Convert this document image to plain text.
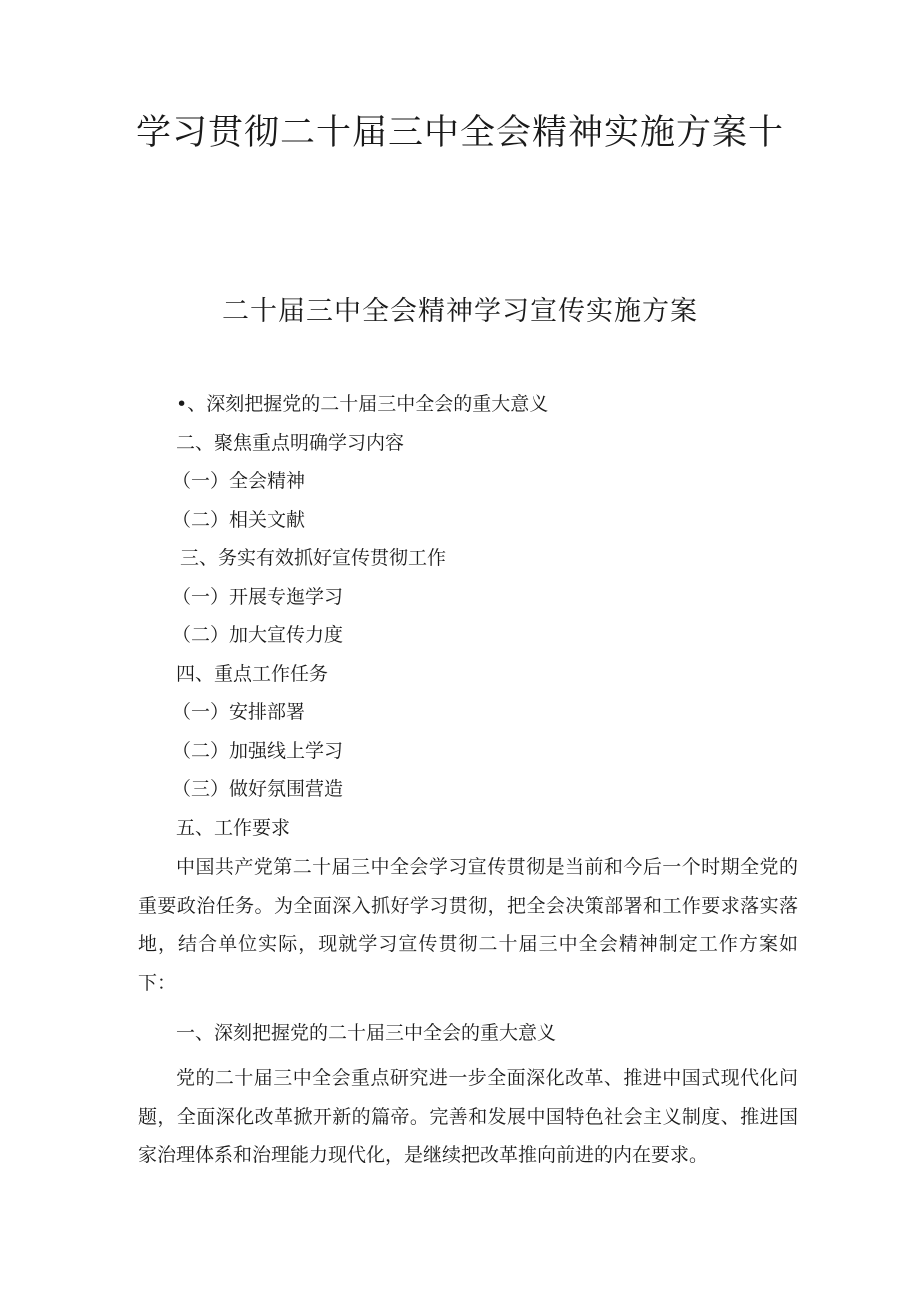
学习贯彻二十届三中全会精神实施方案十
二十届三中全会精神学习宣传实施方案
•、深刻把握党的二十届三中全会的重大意义
二、聚焦重点明确学习内容
（一）全会精神
（二）相关文献
三、务实有效抓好宣传贯彻工作
（一）开展专迤学习
（二）加大宣传力度
四、重点工作任务
（一）安排部署
（二）加强线上学习
（三）做好氛围营造
五、工作要求

中国共产党第二十届三中全会学习宣传贯彻是当前和今后一个时期全党的重要政治任务。为全面深入抓好学习贯彻，把全会决策部署和工作要求落实落地，结合单位实际，现就学习宣传贯彻二十届三中全会精神制定工作方案如下：

一、深刻把握党的二十届三中全会的重大意义

党的二十届三中全会重点研究进一步全面深化改革、推进中国式现代化问题，全面深化改革掀开新的篇帝。完善和发展中国特色社会主义制度、推进国家治理体系和治理能力现代化，是继续把改革推向前进的内在要求。
